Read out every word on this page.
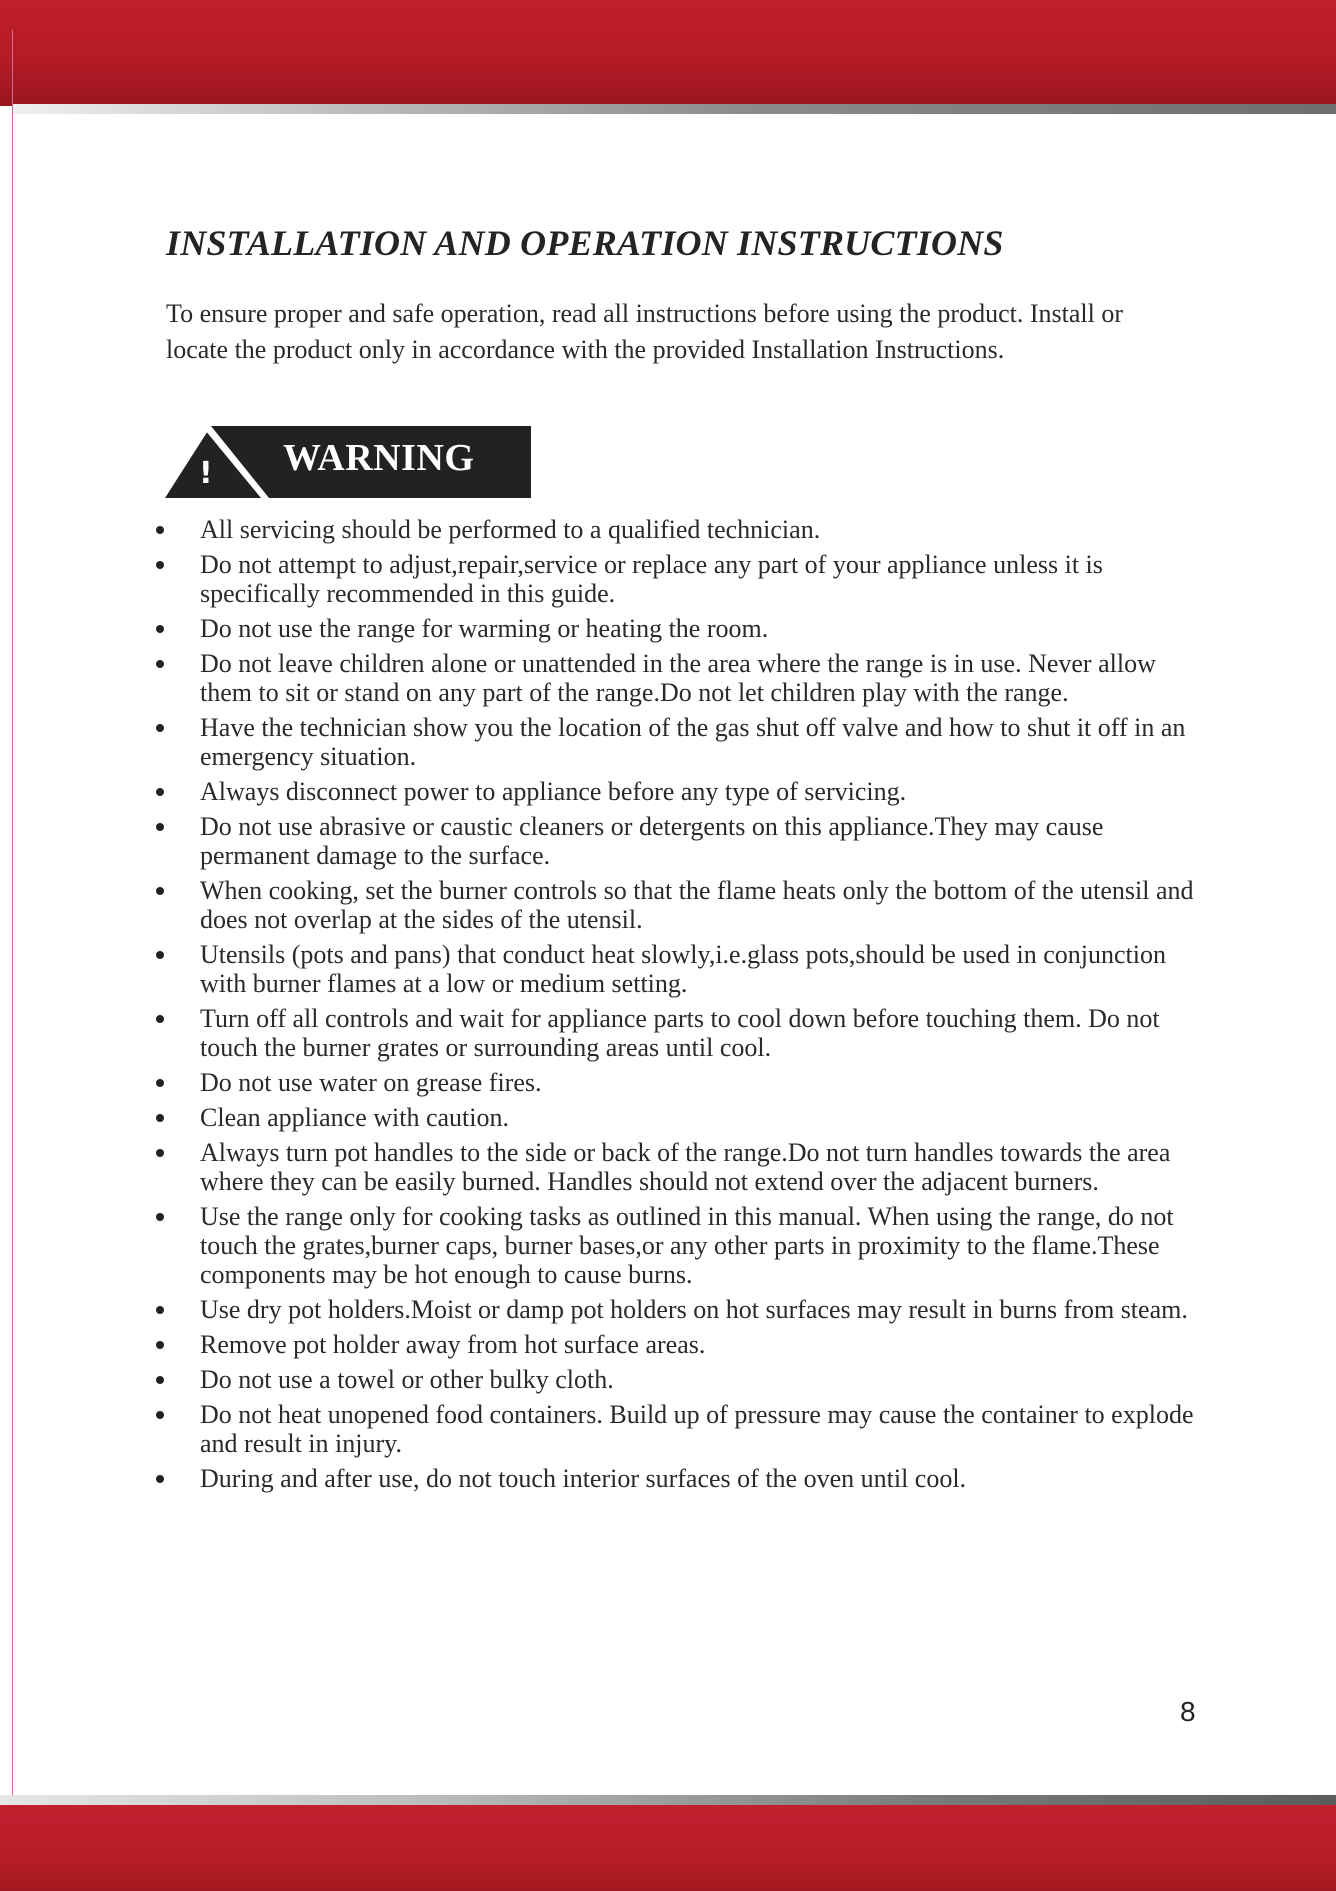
INSTALLATION AND OPERATION INSTRUCTIONS

To ensure proper and safe operation, read all instructions before using the product. Install or locate the product only in accordance with the provided Installation Instructions.

! WARNING
All servicing should be performed to a qualified technician.
Do not attempt to adjust,repair,service or replace any part of your appliance unless it is specifically recommended in this guide.
Do not use the range for warming or heating the room.
Do not leave children alone or unattended in the area where the range is in use. Never allow them to sit or stand on any part of the range.Do not let children play with the range.
Have the technician show you the location of the gas shut off valve and how to shut it off in an emergency situation.
Always disconnect power to appliance before any type of servicing.
Do not use abrasive or caustic cleaners or detergents on this appliance.They may cause permanent damage to the surface.
When cooking, set the burner controls so that the flame heats only the bottom of the utensil and does not overlap at the sides of the utensil.
Utensils (pots and pans) that conduct heat slowly,i.e.glass pots,should be used in conjunction with burner flames at a low or medium setting.
Turn off all controls and wait for appliance parts to cool down before touching them. Do not touch the burner grates or surrounding areas until cool.
Do not use water on grease fires.
Clean appliance with caution.
Always turn pot handles to the side or back of the range.Do not turn handles towards the area where they can be easily burned. Handles should not extend over the adjacent burners.
Use the range only for cooking tasks as outlined in this manual. When using the range, do not touch the grates,burner caps, burner bases,or any other parts in proximity to the flame.These components may be hot enough to cause burns.
Use dry pot holders.Moist or damp pot holders on hot surfaces may result in burns from steam.
Remove pot holder away from hot surface areas.
Do not use a towel or other bulky cloth.
Do not heat unopened food containers. Build up of pressure may cause the container to explode and result in injury.
During and after use, do not touch interior surfaces of the oven until cool.
8
